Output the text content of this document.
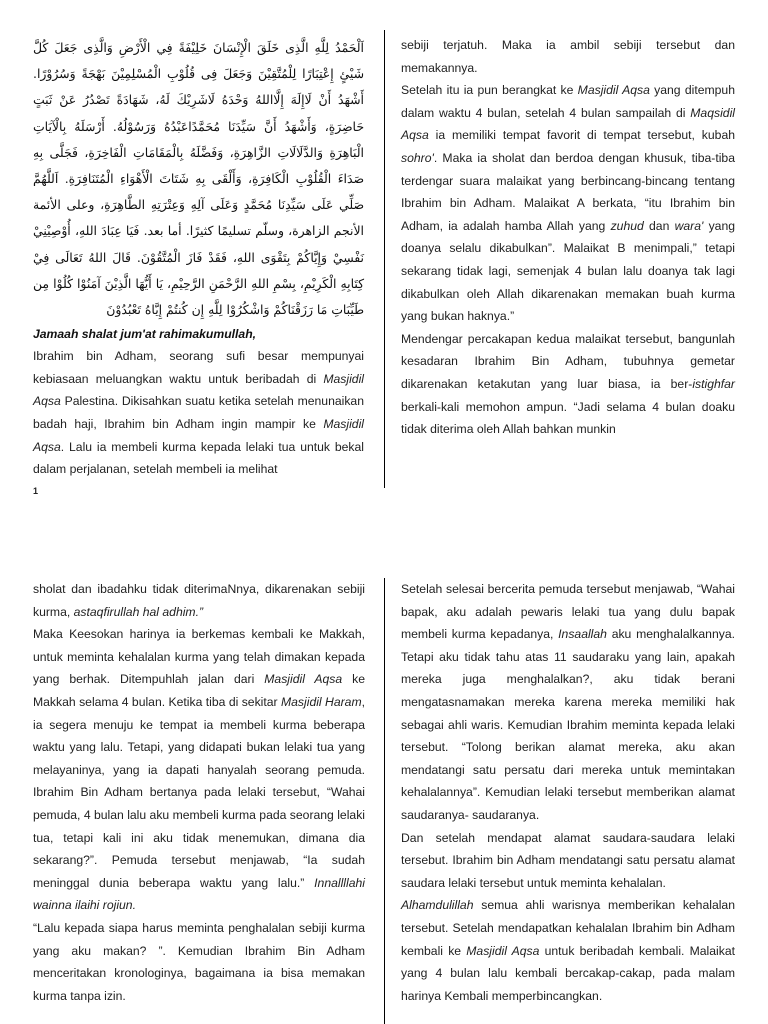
اَلْحَمْدُ لِلَّهِ الَّذِى خَلَقَ الْإِنْسَانَ خَلِيْفَةً فِي الْأَرْضِ وَالَّذِى جَعَلَ كُلَّ شَيْئٍ إِعْتِبَارًا لِلْمُتَّقِيْنَ وَجَعَلَ فِى قُلُوْبِ الْمُسْلِمِيْنَ بَهْجَةً وَسُرُوْرًا. أَشْهَدُ أَنْ لَاإِلَهَ إِلَّااللهُ وَحْدَهُ لَاشَرِيْكَ لَهُ، شَهَادَةً تَصْدُرُ عَنْ ثَبَتٍ حَاضِرَةٍ، وَأَشْهَدُ أَنَّ سَيِّدَنَا مُحَمَّدًاعَبْدُهُ وَرَسُوْلُهُ. أَرْسَلَهُ بِالْآيَاتِ الْبَاهِرَةِ وَالدَّلَالَاتِ الزَّاهِرَةِ، وَفَضَّلَهُ بِالْمَقَامَاتِ الْفَاخِرَةِ، فَجَلَّى بِهِ صَدَاءَ الْقُلُوْبِ الْكَافِرَةِ، وَأَلْقَى بِهِ شَتَاتَ الْأَهْوَاءِ الْمُتَنَافِرَةِ. اَللَّهُمَّ صَلِّي عَلَى سَيِّدِنَا مُحَمَّدٍ وَعَلَى آلِهِ وَعِتْرَتِهِ الطَّاهِرَةِ، وعلى الأئمة الأنجم الزاهرة، وسلّم تسليمًا كثيرًا. أما بعد. فَيَا عِبَادَ اللهِ، أُوْصِيْنِيْ نَفْسِيْ وَإِيَّاكُمْ بِتَقْوَى اللهِ، فَقَدْ فَازَ الْمُتَّقُوْنَ. قَالَ اللهُ تَعَالَى فِيْ كِتَابِهِ الْكَرِيْمِ، بِسْمِ اللهِ الرَّحْمَنِ الرَّحِيْمِ، يَا أَيُّهَا الَّذِيْنَ آمَنُوْا كُلُوْا مِن طَيِّبَاتِ مَا رَزَقْنَاكُمْ وَاشْكُرُوْا لِلَّهِ إِن كُنتُمْ إِيَّاهُ تَعْبُدُوْنَ

Jamaah shalat jum'at rahimakumullah,

Ibrahim bin Adham, seorang sufi besar mempunyai kebiasaan meluangkan waktu untuk beribadah di Masjidil Aqsa Palestina. Dikisahkan suatu ketika setelah menunaikan badah haji, Ibrahim bin Adham ingin mampir ke Masjidil Aqsa. Lalu ia membeli kurma kepada lelaki tua untuk bekal dalam perjalanan, setelah membeli ia melihat

sebiji terjatuh. Maka ia ambil sebiji tersebut dan memakannya.

Setelah itu ia pun berangkat ke Masjidil Aqsa yang ditempuh dalam waktu 4 bulan, setelah 4 bulan sampailah di Maqsidil Aqsa ia memiliki tempat favorit di tempat tersebut, kubah sohro'. Maka ia sholat dan berdoa dengan khusuk, tiba-tiba terdengar suara malaikat yang berbincang-bincang tentang Ibrahim bin Adham. Malaikat A berkata, “itu Ibrahim bin Adham, ia adalah hamba Allah yang zuhud dan wara' yang doanya selalu dikabulkan”. Malaikat B menimpali,” tetapi sekarang tidak lagi, semenjak 4 bulan lalu doanya tak lagi dikabulkan oleh Allah dikarenakan memakan buah kurma yang bukan haknya.”

Mendengar percakapan kedua malaikat tersebut, bangunlah kesadaran Ibrahim Bin Adham, tubuhnya gemetar dikarenakan ketakutan yang luar biasa, ia ber-istighfar berkali-kali memohon ampun. “Jadi selama 4 bulan doaku tidak diterima oleh Allah bahkan munkin

1

sholat dan ibadahku tidak diterimaNnya, dikarenakan sebiji kurma, astaqfirullah hal adhim.”

Maka Keesokan harinya ia berkemas kembali ke Makkah, untuk meminta kehalalan kurma yang telah dimakan kepada yang berhak. Ditempuhlah jalan dari Masjidil Aqsa ke Makkah selama 4 bulan. Ketika tiba di sekitar Masjidil Haram, ia segera menuju ke tempat ia membeli kurma beberapa waktu yang lalu. Tetapi, yang didapati bukan lelaki tua yang melayaninya, yang ia dapati hanyalah seorang pemuda. Ibrahim Bin Adham bertanya pada lelaki tersebut, “Wahai pemuda, 4 bulan lalu aku membeli kurma pada seorang lelaki tua, tetapi kali ini aku tidak menemukan, dimana dia sekarang?”. Pemuda tersebut menjawab, “Ia sudah meninggal dunia beberapa waktu yang lalu.” Innallllahi wainna ilaihi rojiun.

“Lalu kepada siapa harus meminta penghalalan sebiji kurma yang aku makan? ”. Kemudian Ibrahim Bin Adham menceritakan kronologinya, bagaimana ia bisa memakan kurma tanpa izin.

Setelah selesai bercerita pemuda tersebut menjawab, “Wahai bapak, aku adalah pewaris lelaki tua yang dulu bapak membeli kurma kepadanya, Insaallah aku menghalalkannya. Tetapi aku tidak tahu atas 11 saudaraku yang lain, apakah mereka juga menghalalkan?, aku tidak berani mengatasnamakan mereka karena mereka memiliki hak sebagai ahli waris. Kemudian Ibrahim meminta kepada lelaki tersebut. “Tolong berikan alamat mereka, aku akan mendatangi satu persatu dari mereka untuk memintakan kehalalannya”. Kemudian lelaki tersebut memberikan alamat saudaranya- saudaranya.

Dan setelah mendapat alamat saudara-saudara lelaki tersebut. Ibrahim bin Adham mendatangi satu persatu alamat saudara lelaki tersebut untuk meminta kehalalan.

Alhamdulillah semua ahli warisnya memberikan kehalalan tersebut. Setelah mendapatkan kehalalan Ibrahim bin Adham kembali ke Masjidil Aqsa untuk beribadah kembali. Malaikat yang 4 bulan lalu kembali bercakap-cakap, pada malam harinya Kembali memperbincangkan.
